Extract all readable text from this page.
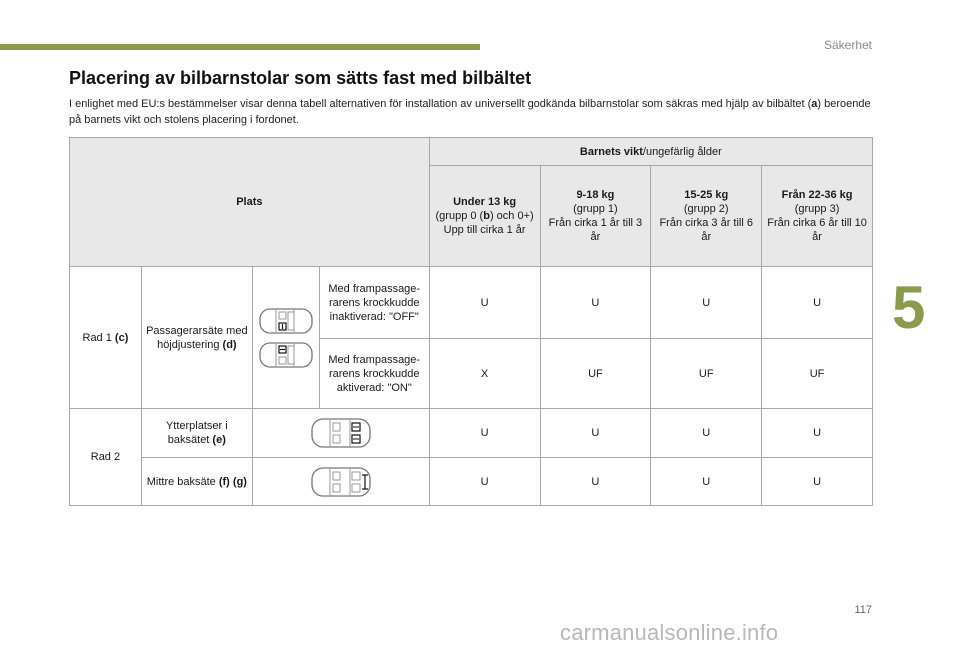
Säkerhet
5
Placering av bilbarnstolar som sätts fast med bilbältet

I enlighet med EU:s bestämmelser visar denna tabell alternativen för installation av universellt godkända bilbarnstolar som säkras med hjälp av bilbältet (a) beroende på barnets vikt och stolens placering i fordonet.

Plats				Barnets vikt/ungefärlig ålder			
				Under 13 kg
(grupp 0 (b) och 0+)
Upp till cirka 1 år	9-18 kg
(grupp 1)
Från cirka 1 år till 3 år	15-25 kg
(grupp 2)
Från cirka 3 år till 6 år	Från 22-36 kg
(grupp 3)
Från cirka 6 år till 10 år
Rad 1 (c)	Passagerarsäte med höjdjustering (d)		Med frampassage-rarens krockkudde inaktiverad: "OFF"	U	U	U	U
			Med frampassage-rarens krockkudde aktiverad: "ON"	X	UF	UF	UF
Rad 2	Ytterplatser i baksätet (e)			U	U	U	U
	Mittre baksäte (f) (g)			U	U	U	U
117
carmanualsonline.info
